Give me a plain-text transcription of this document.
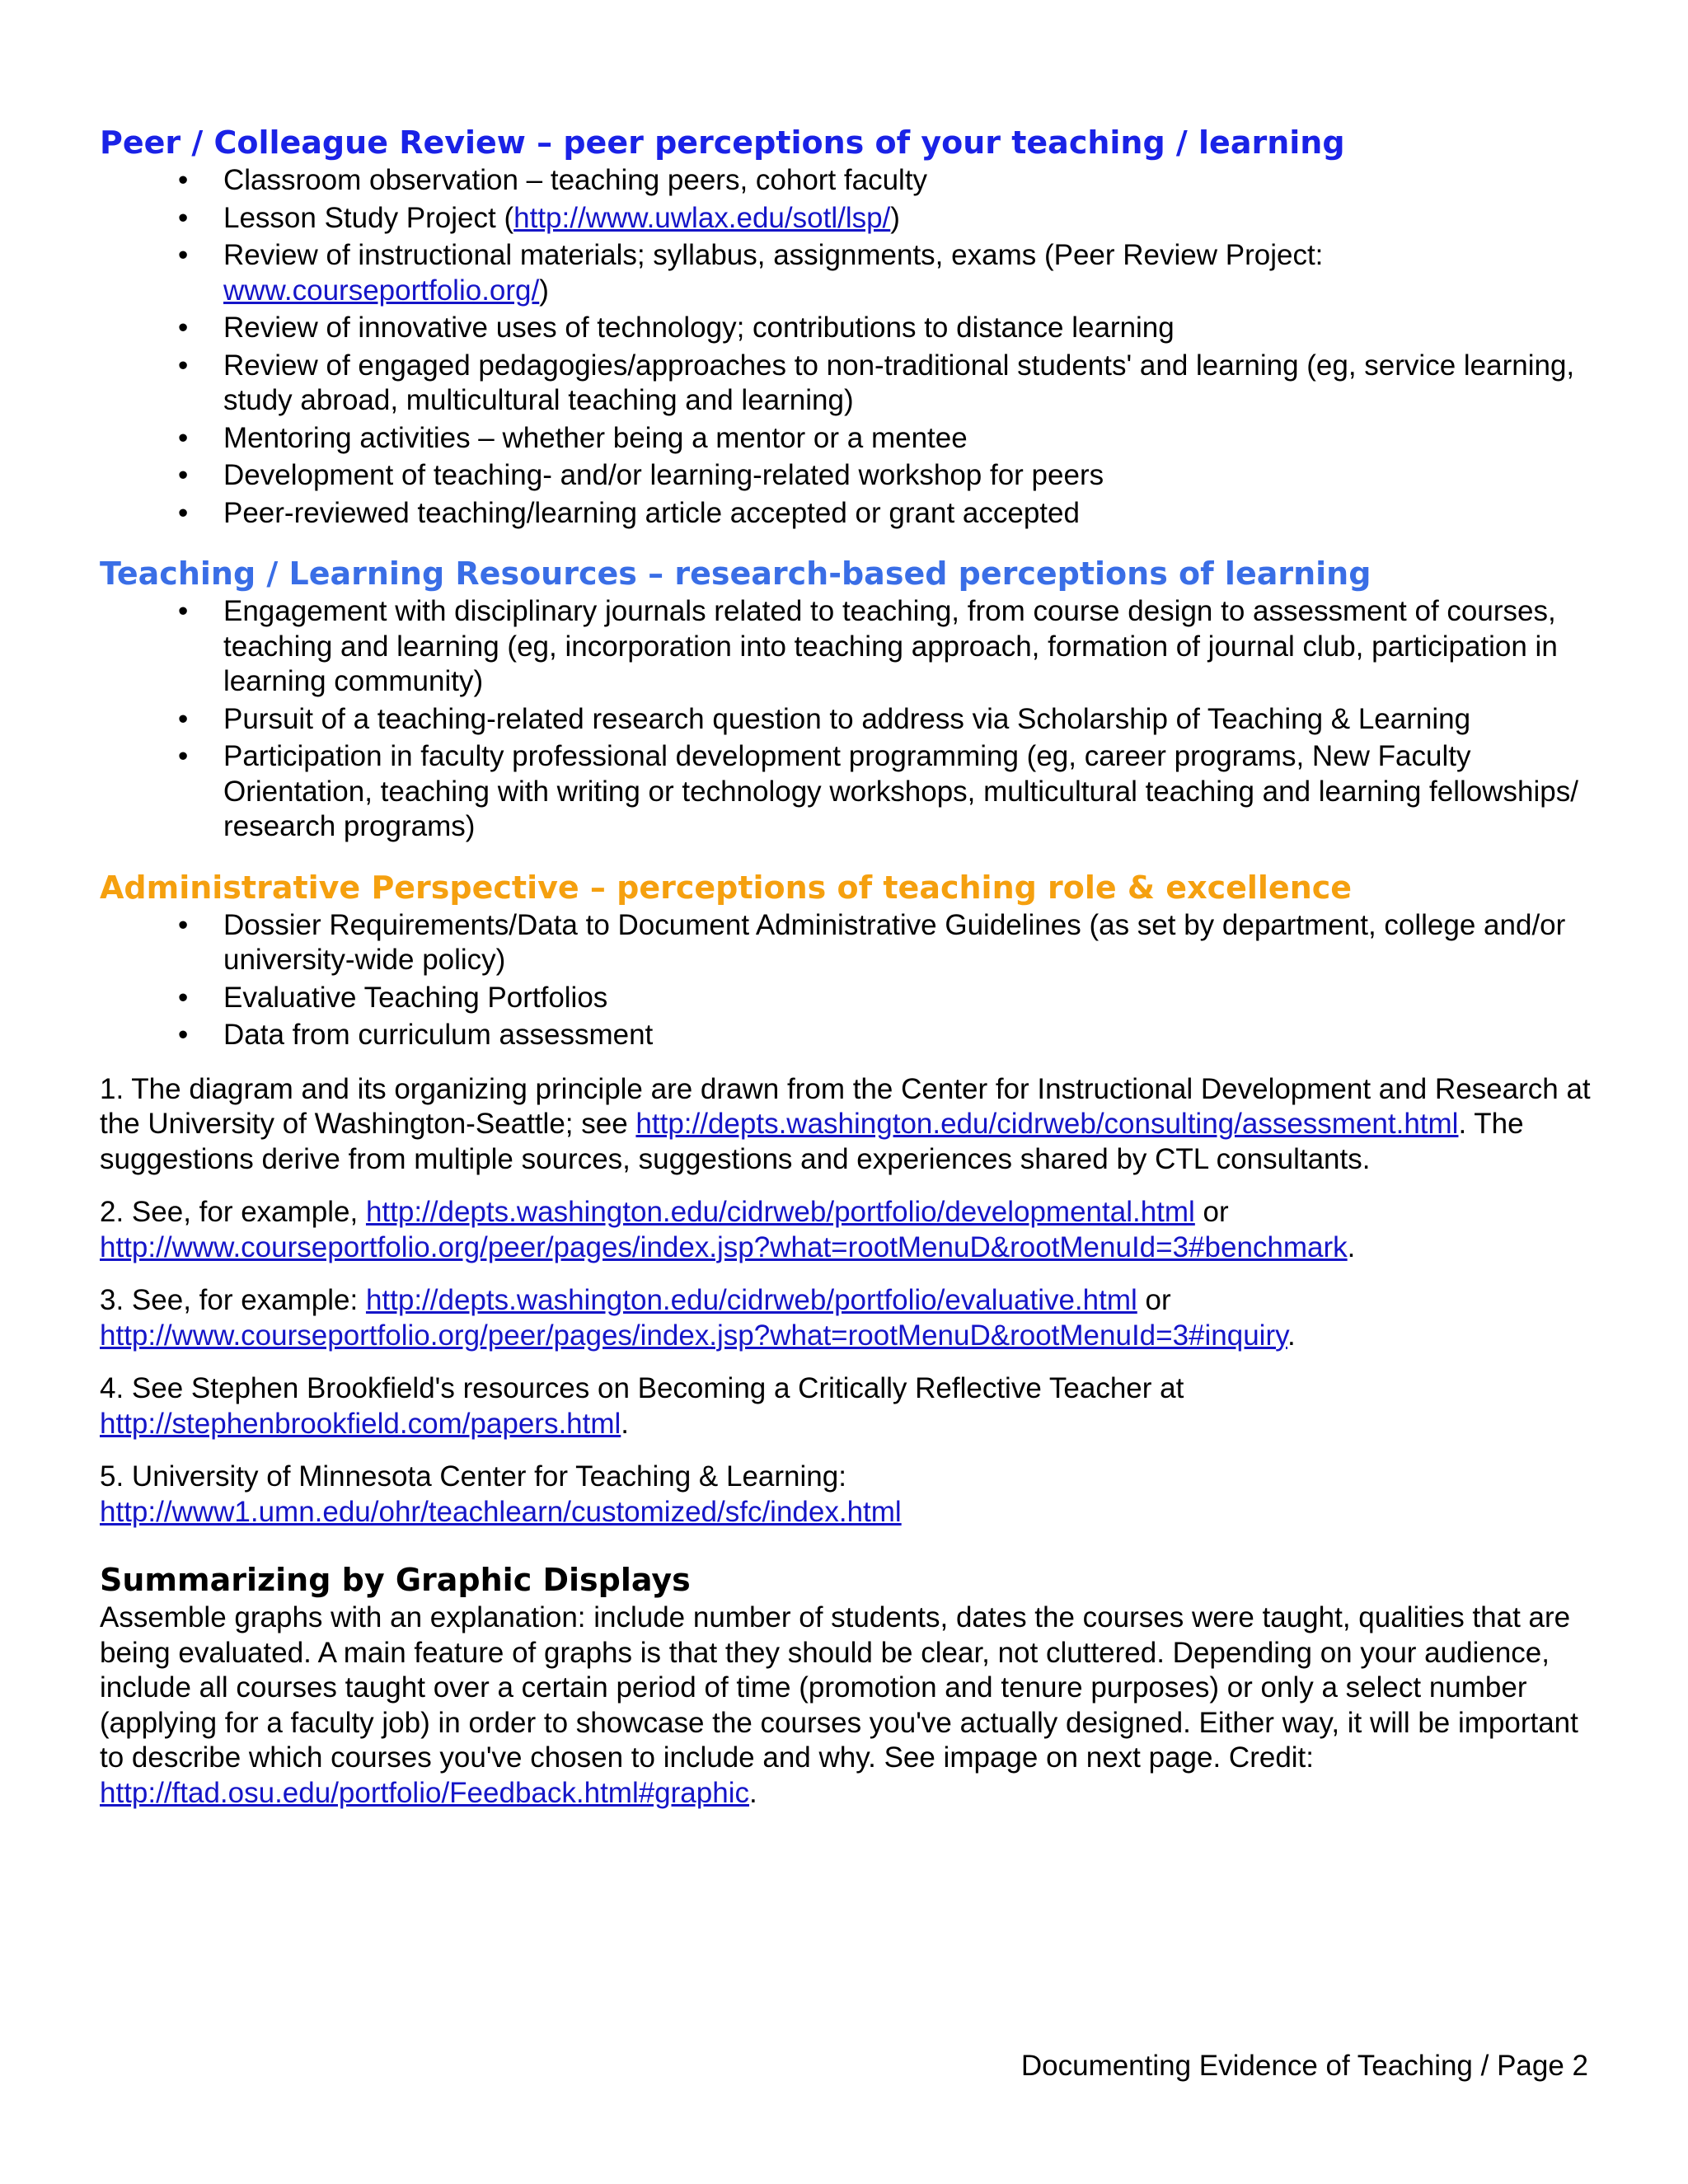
Peer / Colleague Review – peer perceptions of your teaching / learning
• Classroom observation – teaching peers, cohort faculty
• Lesson Study Project (http://www.uwlax.edu/sotl/lsp/)
• Review of instructional materials; syllabus, assignments, exams (Peer Review Project: www.courseportfolio.org/)
• Review of innovative uses of technology; contributions to distance learning
• Review of engaged pedagogies/approaches to non-traditional students' and learning (eg, service learning, study abroad, multicultural teaching and learning)
• Mentoring activities – whether being a mentor or a mentee
• Development of teaching- and/or learning-related workshop for peers
• Peer-reviewed teaching/learning article accepted or grant accepted
Teaching / Learning Resources – research-based perceptions of learning
• Engagement with disciplinary journals related to teaching, from course design to assessment of courses, teaching and learning (eg, incorporation into teaching approach, formation of journal club, participation in learning community)
• Pursuit of a teaching-related research question to address via Scholarship of Teaching & Learning
• Participation in faculty professional development programming (eg, career programs, New Faculty Orientation, teaching with writing or technology workshops, multicultural teaching and learning fellowships/ research programs)
Administrative Perspective – perceptions of teaching role & excellence
• Dossier Requirements/Data to Document Administrative Guidelines (as set by department, college and/or university-wide policy)
• Evaluative Teaching Portfolios
• Data from curriculum assessment

1. The diagram and its organizing principle are drawn from the Center for Instructional Development and Research at the University of Washington-Seattle; see http://depts.washington.edu/cidrweb/consulting/assessment.html. The suggestions derive from multiple sources, suggestions and experiences shared by CTL consultants.

2. See, for example, http://depts.washington.edu/cidrweb/portfolio/developmental.html or http://www.courseportfolio.org/peer/pages/index.jsp?what=rootMenuD&rootMenuId=3#benchmark.

3. See, for example: http://depts.washington.edu/cidrweb/portfolio/evaluative.html or http://www.courseportfolio.org/peer/pages/index.jsp?what=rootMenuD&rootMenuId=3#inquiry.

4. See Stephen Brookfield's resources on Becoming a Critically Reflective Teacher at http://stephenbrookfield.com/papers.html.

5. University of Minnesota Center for Teaching & Learning:
http://www1.umn.edu/ohr/teachlearn/customized/sfc/index.html

Summarizing by Graphic Displays

Assemble graphs with an explanation: include number of students, dates the courses were taught, qualities that are being evaluated. A main feature of graphs is that they should be clear, not cluttered. Depending on your audience, include all courses taught over a certain period of time (promotion and tenure purposes) or only a select number (applying for a faculty job) in order to showcase the courses you've actually designed. Either way, it will be important to describe which courses you've chosen to include and why. See impage on next page. Credit: http://ftad.osu.edu/portfolio/Feedback.html#graphic.

Documenting Evidence of Teaching / Page 2
